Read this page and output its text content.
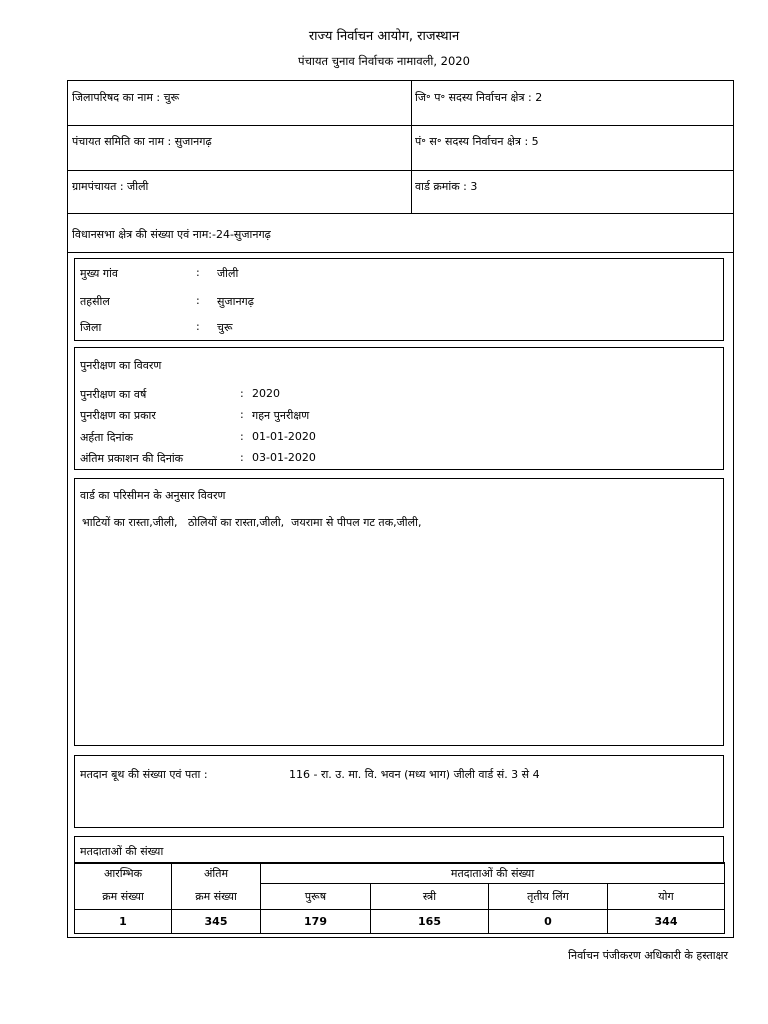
राज्य निर्वाचन आयोग, राजस्थान
पंचायत चुनाव निर्वाचक नामावली, 2020
जिलापरिषद का नाम : चुरू	जि॰ प॰ सदस्य निर्वाचन क्षेत्र : 2
पंचायत समिति का नाम : सुजानगढ़	पं॰ स॰ सदस्य निर्वाचन क्षेत्र : 5
ग्रामपंचायत : जीली	वार्ड क्रमांक : 3
विधानसभा क्षेत्र की संख्या एवं नाम:-24-सुजानगढ़
मुख्य गांव	: जीली
तहसील	: सुजानगढ़
जिला	: चुरू
पुनरीक्षण का विवरण
पुनरीक्षण का वर्ष	: 2020
पुनरीक्षण का प्रकार	: गहन पुनरीक्षण
अर्हता दिनांक	: 01-01-2020
अंतिम प्रकाशन की दिनांक	: 03-01-2020
वार्ड का परिसीमन के अनुसार विवरण
भाटियों का रास्ता,जीली,   ठोलियों का रास्ता,जीली,  जयरामा से पीपल गट तक,जीली,
मतदान बूथ की संख्या एवं पता :	116 - रा. उ. मा. वि. भवन (मध्य भाग) जीली वार्ड सं. 3 से 4
मतदाताओं की संख्या
आरम्भिक	अंतिम	मतदाताओं की संख्या			
क्रम संख्या	क्रम संख्या	पुरूष	स्त्री	तृतीय लिंग	योग
1	345	179	165	0	344
निर्वाचन पंजीकरण अधिकारी के हस्ताक्षर
